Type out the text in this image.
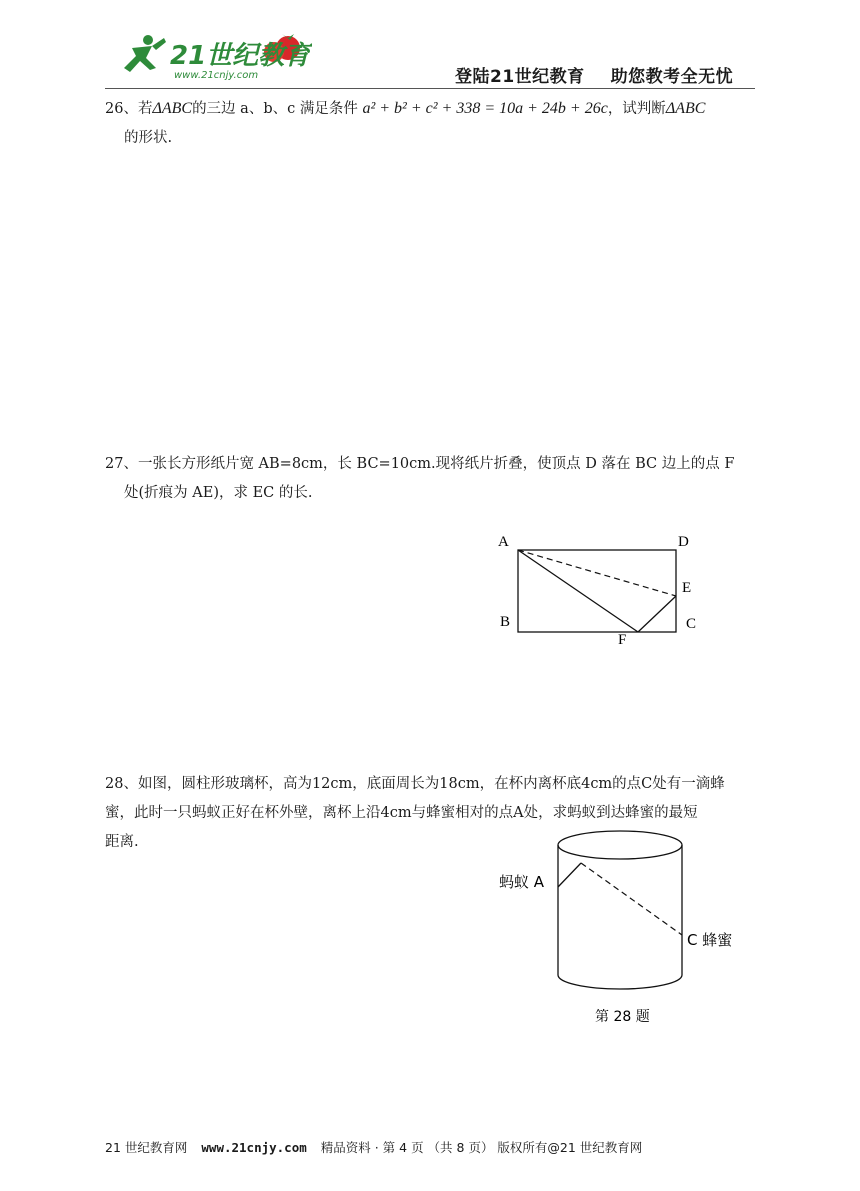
21世纪教育
www.21cnjy.com	登陆21世纪教育 助您教考全无忧
26、若ΔABC的三边 a、b、c 满足条件 a² + b² + c² + 338 = 10a + 24b + 26c，试判断ΔABC
的形状.
27、一张长方形纸片宽 AB=8cm，长 BC=10cm.现将纸片折叠，使顶点 D 落在 BC 边上的点 F
处(折痕为 AE)，求 EC 的长.
A	D
E
B	C
F
28、如图，圆柱形玻璃杯，高为12cm，底面周长为18cm，在杯内离杯底4cm的点C处有一滴蜂
蜜，此时一只蚂蚁正好在杯外壁，离杯上沿4cm与蜂蜜相对的点A处，求蚂蚁到达蜂蜜的最短
距离.
蚂蚁 A
C 蜂蜜
第 28 题
21 世纪教育网 www.21cnjy.com 精品资料 · 第 4 页 （共 8 页） 版权所有@21 世纪教育网
